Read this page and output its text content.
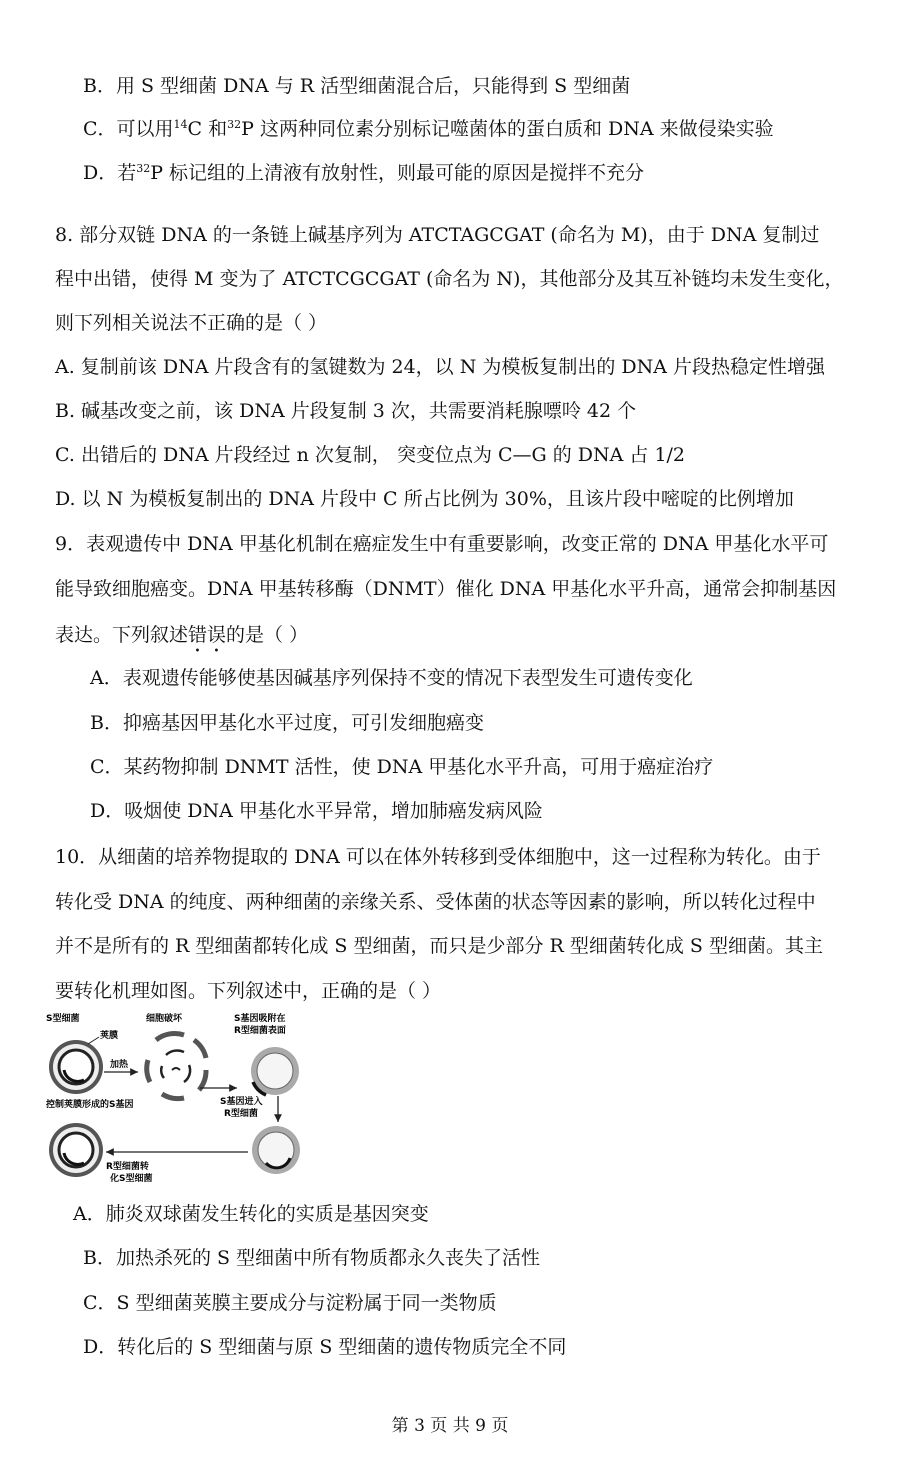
B．用 S 型细菌 DNA 与 R 活型细菌混合后，只能得到 S 型细菌
C．可以用$^{14}$C 和$^{32}$P 这两种同位素分别标记噬菌体的蛋白质和 DNA 来做侵染实验
D．若$^{32}$P 标记组的上清液有放射性，则最可能的原因是搅拌不充分
8. 部分双链 DNA 的一条链上碱基序列为 ATCTAGCGAT (命名为 M)，由于 DNA 复制过
程中出错，使得 M 变为了 ATCTCGCGAT (命名为 N)，其他部分及其互补链均未发生变化，
则下列相关说法不正确的是（ ）
A. 复制前该 DNA 片段含有的氢键数为 24，以 N 为模板复制出的 DNA 片段热稳定性增强
B. 碱基改变之前，该 DNA 片段复制 3 次，共需要消耗腺嘌呤 42 个
C. 出错后的 DNA 片段经过 n 次复制， 突变位点为 C—G 的 DNA 占 1/2
D. 以 N 为模板复制出的 DNA 片段中 C 所占比例为 30%，且该片段中嘧啶的比例增加
9．表观遗传中 DNA 甲基化机制在癌症发生中有重要影响，改变正常的 DNA 甲基化水平可
能导致细胞癌变。DNA 甲基转移酶（DNMT）催化 DNA 甲基化水平升高，通常会抑制基因
表达。下列叙述错误的是（ ）
A．表观遗传能够使基因碱基序列保持不变的情况下表型发生可遗传变化
B．抑癌基因甲基化水平过度，可引发细胞癌变
C．某药物抑制 DNMT 活性，使 DNA 甲基化水平升高，可用于癌症治疗
D．吸烟使 DNA 甲基化水平异常，增加肺癌发病风险
10．从细菌的培养物提取的 DNA 可以在体外转移到受体细胞中，这一过程称为转化。由于
转化受 DNA 的纯度、两种细菌的亲缘关系、受体菌的状态等因素的影响，所以转化过程中
并不是所有的 R 型细菌都转化成 S 型细菌，而只是少部分 R 型细菌转化成 S 型细菌。其主
要转化机理如图。下列叙述中，正确的是（ ）
S型细菌
荚膜
加热
细胞破坏	S基因吸附在
R型细菌表面
S基因进入
R型细菌
控制荚膜形成的S基因
R型细菌转
化S型细菌
A．肺炎双球菌发生转化的实质是基因突变
B．加热杀死的 S 型细菌中所有物质都永久丧失了活性
C．S 型细菌荚膜主要成分与淀粉属于同一类物质
D．转化后的 S 型细菌与原 S 型细菌的遗传物质完全不同
第 3 页 共 9 页
